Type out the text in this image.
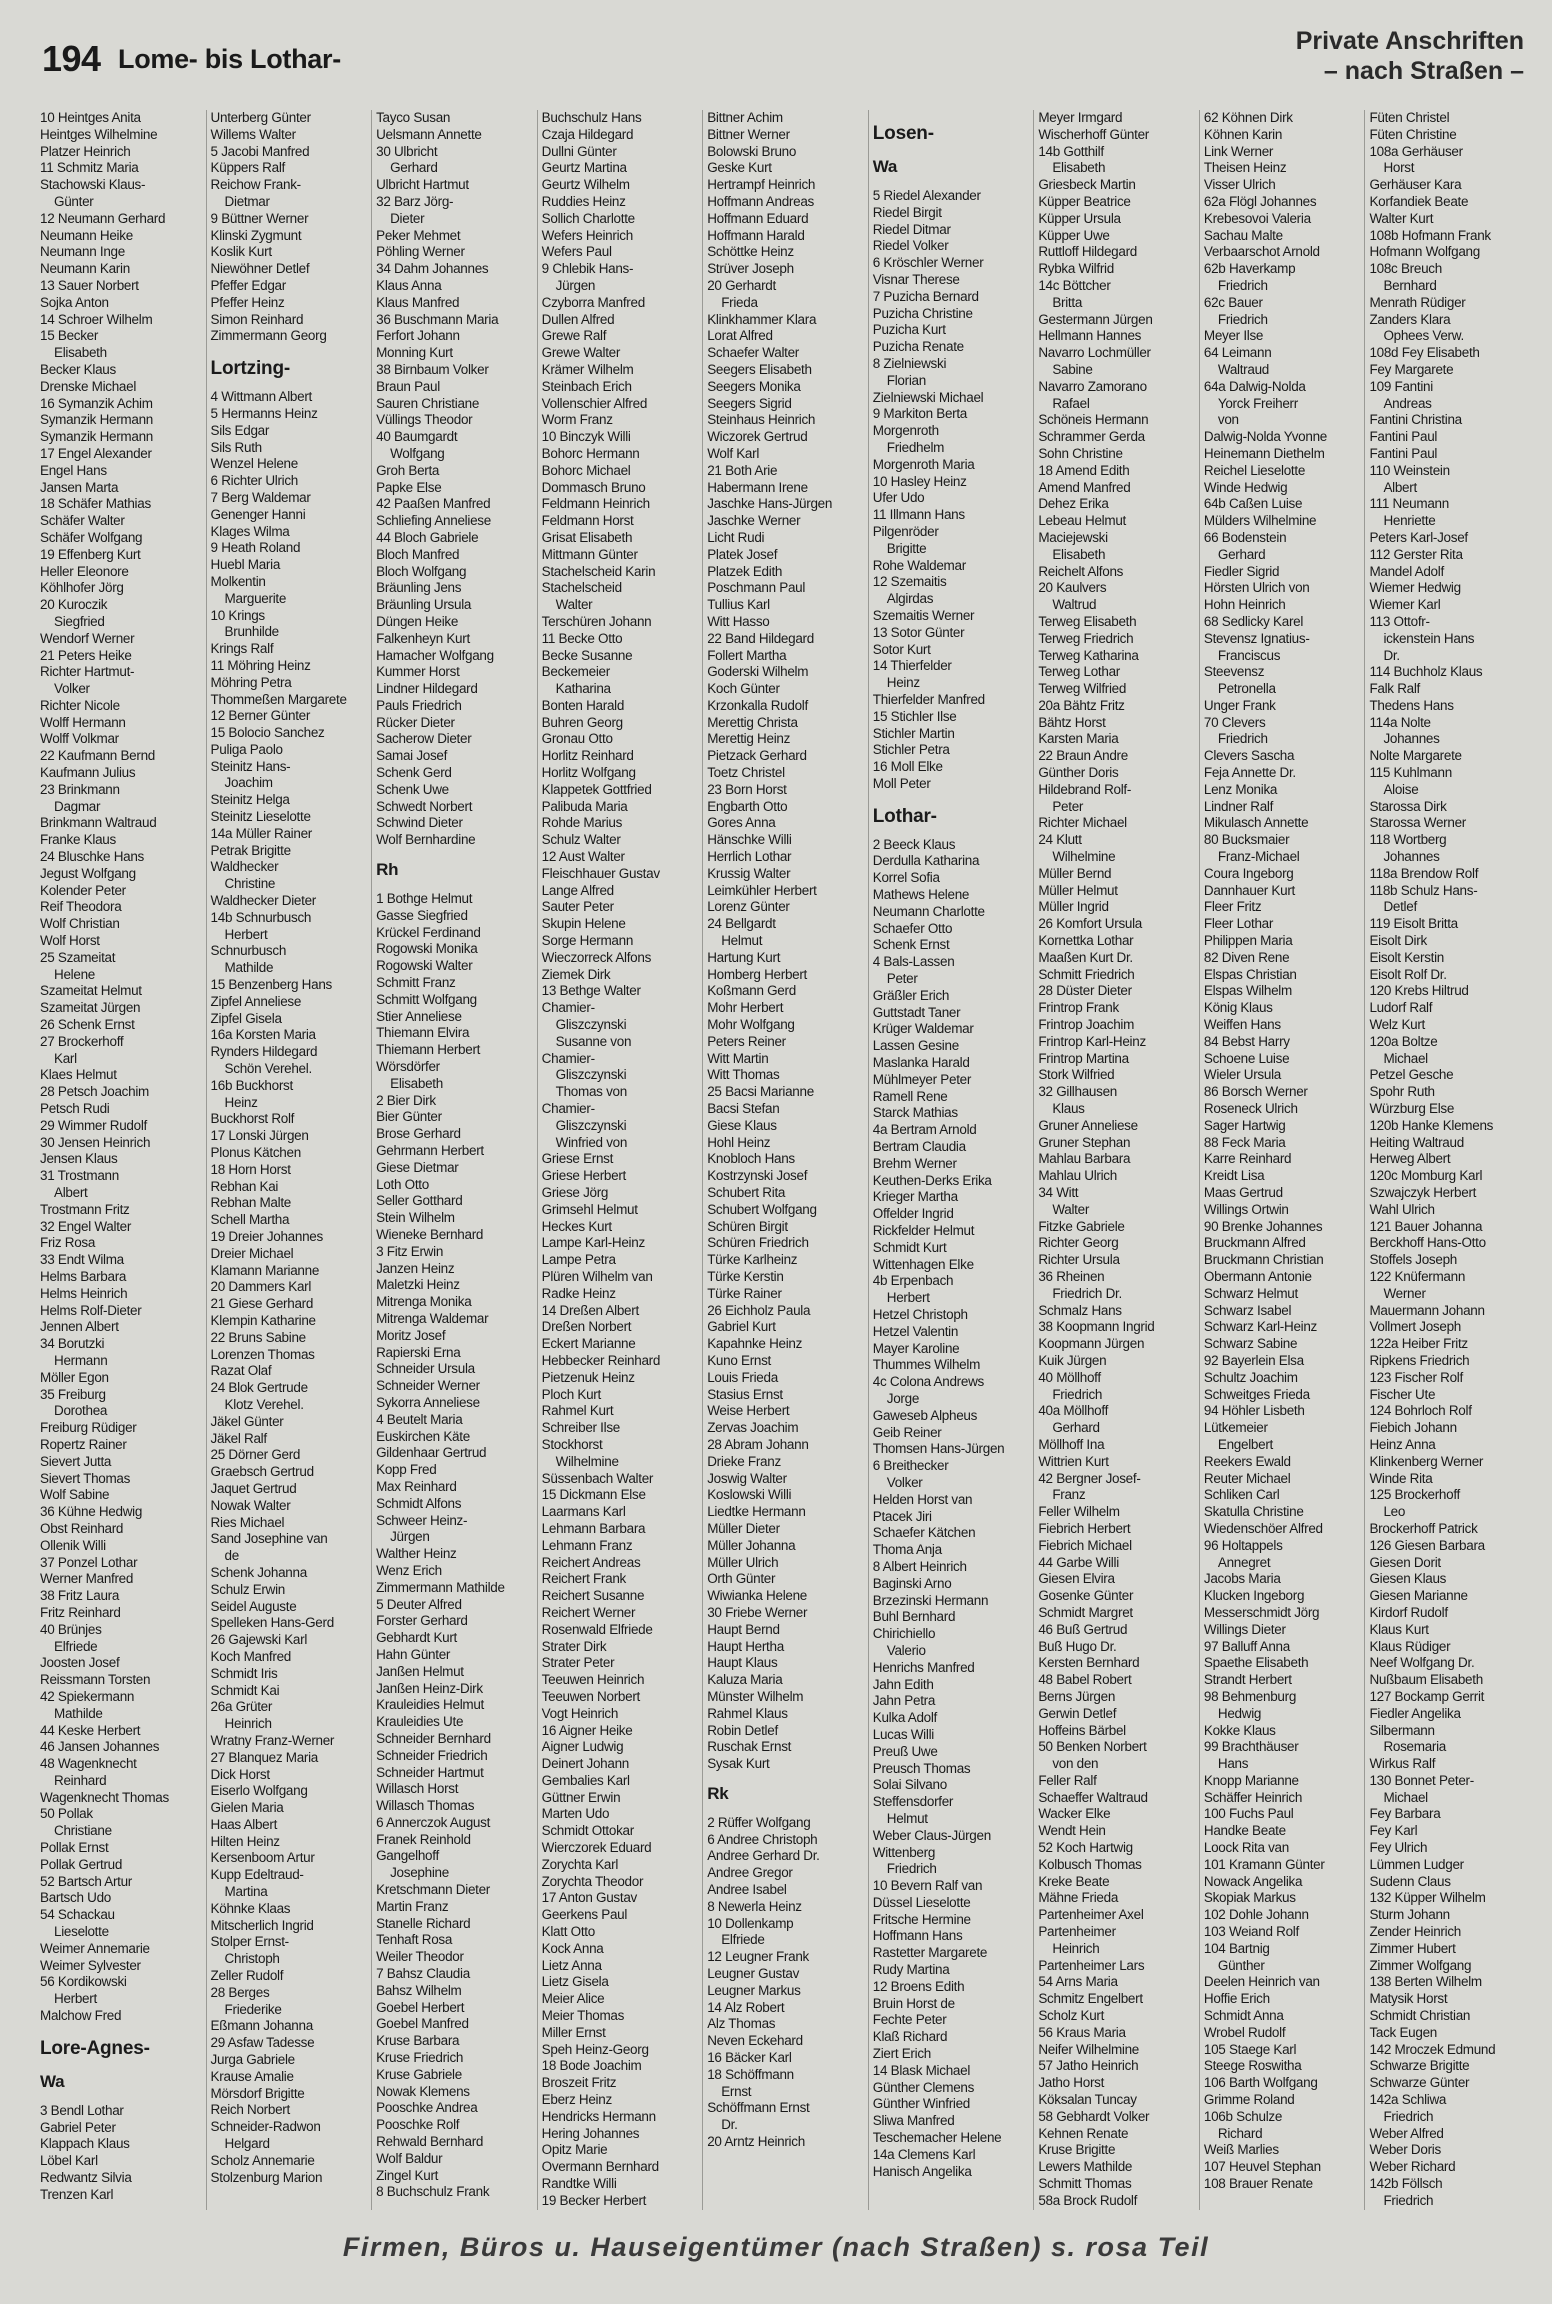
194 Lome- bis Lothar-
Private Anschriften
– nach Straßen –
10 Heintges Anita
Heintges Wilhelmine
Platzer Heinrich
11 Schmitz Maria
Stachowski Klaus-
Günter
12 Neumann Gerhard
Neumann Heike
Neumann Inge
Neumann Karin
13 Sauer Norbert
Sojka Anton
14 Schroer Wilhelm
15 Becker
Elisabeth
Becker Klaus
Drenske Michael
16 Symanzik Achim
Symanzik Hermann
Symanzik Hermann
17 Engel Alexander
Engel Hans
Jansen Marta
18 Schäfer Mathias
Schäfer Walter
Schäfer Wolfgang
19 Effenberg Kurt
Heller Eleonore
Köhlhofer Jörg
20 Kuroczik
Siegfried
Wendorf Werner
21 Peters Heike
Richter Hartmut-
Volker
Richter Nicole
Wolff Hermann
Wolff Volkmar
22 Kaufmann Bernd
Kaufmann Julius
23 Brinkmann
Dagmar
Brinkmann Waltraud
Franke Klaus
24 Bluschke Hans
Jegust Wolfgang
Kolender Peter
Reif Theodora
Wolf Christian
Wolf Horst
25 Szameitat
Helene
Szameitat Helmut
Szameitat Jürgen
26 Schenk Ernst
27 Brockerhoff
Karl
Klaes Helmut
28 Petsch Joachim
Petsch Rudi
29 Wimmer Rudolf
30 Jensen Heinrich
Jensen Klaus
31 Trostmann
Albert
Trostmann Fritz
32 Engel Walter
Friz Rosa
33 Endt Wilma
Helms Barbara
Helms Heinrich
Helms Rolf-Dieter
Jennen Albert
34 Borutzki
Hermann
Möller Egon
35 Freiburg
Dorothea
Freiburg Rüdiger
Ropertz Rainer
Sievert Jutta
Sievert Thomas
Wolf Sabine
36 Kühne Hedwig
Obst Reinhard
Ollenik Willi
37 Ponzel Lothar
Werner Manfred
38 Fritz Laura
Fritz Reinhard
40 Brünjes
Elfriede
Joosten Josef
Reissmann Torsten
42 Spiekermann
Mathilde
44 Keske Herbert
46 Jansen Johannes
48 Wagenknecht
Reinhard
Wagenknecht Thomas
50 Pollak
Christiane
Pollak Ernst
Pollak Gertrud
52 Bartsch Artur
Bartsch Udo
54 Schackau
Lieselotte
Weimer Annemarie
Weimer Sylvester
56 Kordikowski
Herbert
Malchow Fred
Lore-Agnes-
Wa
3 Bendl Lothar
Gabriel Peter
Klappach Klaus
Löbel Karl
Redwantz Silvia
Trenzen Karl
Unterberg Günter
Willems Walter
5 Jacobi Manfred
Küppers Ralf
Reichow Frank-
Dietmar
9 Büttner Werner
Klinski Zygmunt
Koslik Kurt
Niewöhner Detlef
Pfeffer Edgar
Pfeffer Heinz
Simon Reinhard
Zimmermann Georg
Lortzing-
4 Wittmann Albert
5 Hermanns Heinz
Sils Edgar
Sils Ruth
Wenzel Helene
6 Richter Ulrich
7 Berg Waldemar
Genenger Hanni
Klages Wilma
9 Heath Roland
Huebl Maria
Molkentin
Marguerite
10 Krings
Brunhilde
Krings Ralf
11 Möhring Heinz
Möhring Petra
Thommeßen Margarete
12 Berner Günter
15 Bolocio Sanchez
Puliga Paolo
Steinitz Hans-
Joachim
Steinitz Helga
Steinitz Lieselotte
14a Müller Rainer
Petrak Brigitte
Waldhecker
Christine
Waldhecker Dieter
14b Schnurbusch
Herbert
Schnurbusch
Mathilde
15 Benzenberg Hans
Zipfel Anneliese
Zipfel Gisela
16a Korsten Maria
Rynders Hildegard
Schön Verehel.
16b Buckhorst
Heinz
Buckhorst Rolf
17 Lonski Jürgen
Plonus Kätchen
18 Horn Horst
Rebhan Kai
Rebhan Malte
Schell Martha
19 Dreier Johannes
Dreier Michael
Klamann Marianne
20 Dammers Karl
21 Giese Gerhard
Klempin Katharine
22 Bruns Sabine
Lorenzen Thomas
Razat Olaf
24 Blok Gertrude
Klotz Verehel.
Jäkel Günter
Jäkel Ralf
25 Dörner Gerd
Graebsch Gertrud
Jaquet Gertrud
Nowak Walter
Ries Michael
Sand Josephine van
de
Schenk Johanna
Schulz Erwin
Seidel Auguste
Spelleken Hans-Gerd
26 Gajewski Karl
Koch Manfred
Schmidt Iris
Schmidt Kai
26a Grüter
Heinrich
Wratny Franz-Werner
27 Blanquez Maria
Dick Horst
Eiserlo Wolfgang
Gielen Maria
Haas Albert
Hilten Heinz
Kersenboom Artur
Kupp Edeltraud-
Martina
Köhnke Klaas
Mitscherlich Ingrid
Stolper Ernst-
Christoph
Zeller Rudolf
28 Berges
Friederike
Eßmann Johanna
29 Asfaw Tadesse
Jurga Gabriele
Krause Amalie
Mörsdorf Brigitte
Reich Norbert
Schneider-Radwon
Helgard
Scholz Annemarie
Stolzenburg Marion
Tayco Susan
Uelsmann Annette
30 Ulbricht
Gerhard
Ulbricht Hartmut
32 Barz Jörg-
Dieter
Peker Mehmet
Pöhling Werner
34 Dahm Johannes
Klaus Anna
Klaus Manfred
36 Buschmann Maria
Ferfort Johann
Monning Kurt
38 Birnbaum Volker
Braun Paul
Sauren Christiane
Vüllings Theodor
40 Baumgardt
Wolfgang
Groh Berta
Papke Else
42 Paaßen Manfred
Schliefing Anneliese
44 Bloch Gabriele
Bloch Manfred
Bloch Wolfgang
Bräunling Jens
Bräunling Ursula
Düngen Heike
Falkenheyn Kurt
Hamacher Wolfgang
Kummer Horst
Lindner Hildegard
Pauls Friedrich
Rücker Dieter
Sacherow Dieter
Samai Josef
Schenk Gerd
Schenk Uwe
Schwedt Norbert
Schwind Dieter
Wolf Bernhardine
Rh
1 Bothge Helmut
Gasse Siegfried
Krückel Ferdinand
Rogowski Monika
Rogowski Walter
Schmitt Franz
Schmitt Wolfgang
Stier Anneliese
Thiemann Elvira
Thiemann Herbert
Wörsdörfer
Elisabeth
2 Bier Dirk
Bier Günter
Brose Gerhard
Gehrmann Herbert
Giese Dietmar
Loth Otto
Seller Gotthard
Stein Wilhelm
Wieneke Bernhard
3 Fitz Erwin
Janzen Heinz
Maletzki Heinz
Mitrenga Monika
Mitrenga Waldemar
Moritz Josef
Rapierski Erna
Schneider Ursula
Schneider Werner
Sykorra Anneliese
4 Beutelt Maria
Euskirchen Käte
Gildenhaar Gertrud
Kopp Fred
Max Reinhard
Schmidt Alfons
Schweer Heinz-
Jürgen
Walther Heinz
Wenz Erich
Zimmermann Mathilde
5 Deuter Alfred
Forster Gerhard
Gebhardt Kurt
Hahn Günter
Janßen Helmut
Janßen Heinz-Dirk
Krauleidies Helmut
Krauleidies Ute
Schneider Bernhard
Schneider Friedrich
Schneider Hartmut
Willasch Horst
Willasch Thomas
6 Annerczok August
Franek Reinhold
Gangelhoff
Josephine
Kretschmann Dieter
Martin Franz
Stanelle Richard
Tenhaft Rosa
Weiler Theodor
7 Bahsz Claudia
Bahsz Wilhelm
Goebel Herbert
Goebel Manfred
Kruse Barbara
Kruse Friedrich
Kruse Gabriele
Nowak Klemens
Pooschke Andrea
Pooschke Rolf
Rehwald Bernhard
Wolf Baldur
Zingel Kurt
8 Buchschulz Frank
Buchschulz Hans
Czaja Hildegard
Dullni Günter
Geurtz Martina
Geurtz Wilhelm
Ruddies Heinz
Sollich Charlotte
Wefers Heinrich
Wefers Paul
9 Chlebik Hans-
Jürgen
Czyborra Manfred
Dullen Alfred
Grewe Ralf
Grewe Walter
Krämer Wilhelm
Steinbach Erich
Vollenschier Alfred
Worm Franz
10 Binczyk Willi
Bohorc Hermann
Bohorc Michael
Dommasch Bruno
Feldmann Heinrich
Feldmann Horst
Grisat Elisabeth
Mittmann Günter
Stachelscheid Karin
Stachelscheid
Walter
Terschüren Johann
11 Becke Otto
Becke Susanne
Beckemeier
Katharina
Bonten Harald
Buhren Georg
Gronau Otto
Horlitz Reinhard
Horlitz Wolfgang
Klappetek Gottfried
Palibuda Maria
Rohde Marius
Schulz Walter
12 Aust Walter
Fleischhauer Gustav
Lange Alfred
Sauter Peter
Skupin Helene
Sorge Hermann
Wieczorreck Alfons
Ziemek Dirk
13 Bethge Walter
Chamier-
Gliszczynski
Susanne von
Chamier-
Gliszczynski
Thomas von
Chamier-
Gliszczynski
Winfried von
Griese Ernst
Griese Herbert
Griese Jörg
Grimsehl Helmut
Heckes Kurt
Lampe Karl-Heinz
Lampe Petra
Plüren Wilhelm van
Radke Heinz
14 Dreßen Albert
Dreßen Norbert
Eckert Marianne
Hebbecker Reinhard
Pietzenuk Heinz
Ploch Kurt
Rahmel Kurt
Schreiber Ilse
Stockhorst
Wilhelmine
Süssenbach Walter
15 Dickmann Else
Laarmans Karl
Lehmann Barbara
Lehmann Franz
Reichert Andreas
Reichert Frank
Reichert Susanne
Reichert Werner
Rosenwald Elfriede
Strater Dirk
Strater Peter
Teeuwen Heinrich
Teeuwen Norbert
Vogt Heinrich
16 Aigner Heike
Aigner Ludwig
Deinert Johann
Gembalies Karl
Güttner Erwin
Marten Udo
Schmidt Ottokar
Wierczorek Eduard
Zorychta Karl
Zorychta Theodor
17 Anton Gustav
Geerkens Paul
Klatt Otto
Kock Anna
Lietz Anna
Lietz Gisela
Meier Alice
Meier Thomas
Miller Ernst
Speh Heinz-Georg
18 Bode Joachim
Broszeit Fritz
Eberz Heinz
Hendricks Hermann
Hering Johannes
Opitz Marie
Overmann Bernhard
Randtke Willi
19 Becker Herbert
Bittner Achim
Bittner Werner
Bolowski Bruno
Geske Kurt
Hertrampf Heinrich
Hoffmann Andreas
Hoffmann Eduard
Hoffmann Harald
Schöttke Heinz
Strüver Joseph
20 Gerhardt
Frieda
Klinkhammer Klara
Lorat Alfred
Schaefer Walter
Seegers Elisabeth
Seegers Monika
Seegers Sigrid
Steinhaus Heinrich
Wiczorek Gertrud
Wolf Karl
21 Both Arie
Habermann Irene
Jaschke Hans-Jürgen
Jaschke Werner
Licht Rudi
Platek Josef
Platzek Edith
Poschmann Paul
Tullius Karl
Witt Hasso
22 Band Hildegard
Follert Martha
Goderski Wilhelm
Koch Günter
Krzonkalla Rudolf
Merettig Christa
Merettig Heinz
Pietzack Gerhard
Toetz Christel
23 Born Horst
Engbarth Otto
Gores Anna
Hänschke Willi
Herrlich Lothar
Krussig Walter
Leimkühler Herbert
Lorenz Günter
24 Bellgardt
Helmut
Hartung Kurt
Homberg Herbert
Koßmann Gerd
Mohr Herbert
Mohr Wolfgang
Peters Reiner
Witt Martin
Witt Thomas
25 Bacsi Marianne
Bacsi Stefan
Giese Klaus
Hohl Heinz
Knobloch Hans
Kostrzynski Josef
Schubert Rita
Schubert Wolfgang
Schüren Birgit
Schüren Friedrich
Türke Karlheinz
Türke Kerstin
Türke Rainer
26 Eichholz Paula
Gabriel Kurt
Kapahnke Heinz
Kuno Ernst
Louis Frieda
Stasius Ernst
Weise Herbert
Zervas Joachim
28 Abram Johann
Drieke Franz
Joswig Walter
Koslowski Willi
Liedtke Hermann
Müller Dieter
Müller Johanna
Müller Ulrich
Orth Günter
Wiwianka Helene
30 Friebe Werner
Haupt Bernd
Haupt Hertha
Haupt Klaus
Kaluza Maria
Münster Wilhelm
Rahmel Klaus
Robin Detlef
Ruschak Ernst
Sysak Kurt
Rk
2 Rüffer Wolfgang
6 Andree Christoph
Andree Gerhard Dr.
Andree Gregor
Andree Isabel
8 Newerla Heinz
10 Dollenkamp
Elfriede
12 Leugner Frank
Leugner Gustav
Leugner Markus
14 Alz Robert
Alz Thomas
Neven Eckehard
16 Bäcker Karl
18 Schöffmann
Ernst
Schöffmann Ernst
Dr.
20 Arntz Heinrich
Losen-
Wa
5 Riedel Alexander
Riedel Birgit
Riedel Ditmar
Riedel Volker
6 Kröschler Werner
Visnar Therese
7 Puzicha Bernard
Puzicha Christine
Puzicha Kurt
Puzicha Renate
8 Zielniewski
Florian
Zielniewski Michael
9 Markiton Berta
Morgenroth
Friedhelm
Morgenroth Maria
10 Hasley Heinz
Ufer Udo
11 Illmann Hans
Pilgenröder
Brigitte
Rohe Waldemar
12 Szemaitis
Algirdas
Szemaitis Werner
13 Sotor Günter
Sotor Kurt
14 Thierfelder
Heinz
Thierfelder Manfred
15 Stichler Ilse
Stichler Martin
Stichler Petra
16 Moll Elke
Moll Peter
Lothar-
2 Beeck Klaus
Derdulla Katharina
Korrel Sofia
Mathews Helene
Neumann Charlotte
Schaefer Otto
Schenk Ernst
4 Bals-Lassen
Peter
Gräßler Erich
Guttstadt Taner
Krüger Waldemar
Lassen Gesine
Maslanka Harald
Mühlmeyer Peter
Ramell Rene
Starck Mathias
4a Bertram Arnold
Bertram Claudia
Brehm Werner
Keuthen-Derks Erika
Krieger Martha
Offelder Ingrid
Rickfelder Helmut
Schmidt Kurt
Wittenhagen Elke
4b Erpenbach
Herbert
Hetzel Christoph
Hetzel Valentin
Mayer Karoline
Thummes Wilhelm
4c Colona Andrews
Jorge
Gaweseb Alpheus
Geib Reiner
Thomsen Hans-Jürgen
6 Breithecker
Volker
Helden Horst van
Ptacek Jiri
Schaefer Kätchen
Thoma Anja
8 Albert Heinrich
Baginski Arno
Brzezinski Hermann
Buhl Bernhard
Chirichiello
Valerio
Henrichs Manfred
Jahn Edith
Jahn Petra
Kulka Adolf
Lucas Willi
Preuß Uwe
Preusch Thomas
Solai Silvano
Steffensdorfer
Helmut
Weber Claus-Jürgen
Wittenberg
Friedrich
10 Bevern Ralf van
Düssel Lieselotte
Fritsche Hermine
Hoffmann Hans
Rastetter Margarete
Rudy Martina
12 Broens Edith
Bruin Horst de
Fechte Peter
Klaß Richard
Ziert Erich
14 Blask Michael
Günther Clemens
Günther Winfried
Sliwa Manfred
Teschemacher Helene
14a Clemens Karl
Hanisch Angelika
Meyer Irmgard
Wischerhoff Günter
14b Gotthilf
Elisabeth
Griesbeck Martin
Küpper Beatrice
Küpper Ursula
Küpper Uwe
Ruttloff Hildegard
Rybka Wilfrid
14c Böttcher
Britta
Gestermann Jürgen
Hellmann Hannes
Navarro Lochmüller
Sabine
Navarro Zamorano
Rafael
Schöneis Hermann
Schrammer Gerda
Sohn Christine
18 Amend Edith
Amend Manfred
Dehez Erika
Lebeau Helmut
Maciejewski
Elisabeth
Reichelt Alfons
20 Kaulvers
Waltrud
Terweg Elisabeth
Terweg Friedrich
Terweg Katharina
Terweg Lothar
Terweg Wilfried
20a Bähtz Fritz
Bähtz Horst
Karsten Maria
22 Braun Andre
Günther Doris
Hildebrand Rolf-
Peter
Richter Michael
24 Klutt
Wilhelmine
Müller Bernd
Müller Helmut
Müller Ingrid
26 Komfort Ursula
Kornettka Lothar
Maaßen Kurt Dr.
Schmitt Friedrich
28 Düster Dieter
Frintrop Frank
Frintrop Joachim
Frintrop Karl-Heinz
Frintrop Martina
Stork Wilfried
32 Gillhausen
Klaus
Gruner Anneliese
Gruner Stephan
Mahlau Barbara
Mahlau Ulrich
34 Witt
Walter
Fitzke Gabriele
Richter Georg
Richter Ursula
36 Rheinen
Friedrich Dr.
Schmalz Hans
38 Koopmann Ingrid
Koopmann Jürgen
Kuik Jürgen
40 Möllhoff
Friedrich
40a Möllhoff
Gerhard
Möllhoff Ina
Wittrien Kurt
42 Bergner Josef-
Franz
Feller Wilhelm
Fiebrich Herbert
Fiebrich Michael
44 Garbe Willi
Giesen Elvira
Gosenke Günter
Schmidt Margret
46 Buß Gertrud
Buß Hugo Dr.
Kersten Bernhard
48 Babel Robert
Berns Jürgen
Gerwin Detlef
Hoffeins Bärbel
50 Benken Norbert
von den
Feller Ralf
Schaeffer Waltraud
Wacker Elke
Wendt Hein
52 Koch Hartwig
Kolbusch Thomas
Kreke Beate
Mähne Frieda
Partenheimer Axel
Partenheimer
Heinrich
Partenheimer Lars
54 Arns Maria
Schmitz Engelbert
Scholz Kurt
56 Kraus Maria
Neifer Wilhelmine
57 Jatho Heinrich
Jatho Horst
Köksalan Tuncay
58 Gebhardt Volker
Kehnen Renate
Kruse Brigitte
Lewers Mathilde
Schmitt Thomas
58a Brock Rudolf
62 Köhnen Dirk
Köhnen Karin
Link Werner
Theisen Heinz
Visser Ulrich
62a Flögl Johannes
Krebesovoi Valeria
Sachau Malte
Verbaarschot Arnold
62b Haverkamp
Friedrich
62c Bauer
Friedrich
Meyer Ilse
64 Leimann
Waltraud
64a Dalwig-Nolda
Yorck Freiherr
von
Dalwig-Nolda Yvonne
Heinemann Diethelm
Reichel Lieselotte
Winde Hedwig
64b Caßen Luise
Mülders Wilhelmine
66 Bodenstein
Gerhard
Fiedler Sigrid
Hörsten Ulrich von
Hohn Heinrich
68 Sedlicky Karel
Stevensz Ignatius-
Franciscus
Steevensz
Petronella
Unger Frank
70 Clevers
Friedrich
Clevers Sascha
Feja Annette Dr.
Lenz Monika
Lindner Ralf
Mikulasch Annette
80 Bucksmaier
Franz-Michael
Coura Ingeborg
Dannhauer Kurt
Fleer Fritz
Fleer Lothar
Philippen Maria
82 Diven Rene
Elspas Christian
Elspas Wilhelm
König Klaus
Weiffen Hans
84 Bebst Harry
Schoene Luise
Wieler Ursula
86 Borsch Werner
Roseneck Ulrich
Sager Hartwig
88 Feck Maria
Karre Reinhard
Kreidt Lisa
Maas Gertrud
Willings Ortwin
90 Brenke Johannes
Bruckmann Alfred
Bruckmann Christian
Obermann Antonie
Schwarz Helmut
Schwarz Isabel
Schwarz Karl-Heinz
Schwarz Sabine
92 Bayerlein Elsa
Schultz Joachim
Schweitges Frieda
94 Höhler Lisbeth
Lütkemeier
Engelbert
Reekers Ewald
Reuter Michael
Schliken Carl
Skatulla Christine
Wiedenschöer Alfred
96 Holtappels
Annegret
Jacobs Maria
Klucken Ingeborg
Messerschmidt Jörg
Willings Dieter
97 Balluff Anna
Spaethe Elisabeth
Strandt Herbert
98 Behmenburg
Hedwig
Kokke Klaus
99 Brachthäuser
Hans
Knopp Marianne
Schäffer Heinrich
100 Fuchs Paul
Handke Beate
Loock Rita van
101 Kramann Günter
Nowack Angelika
Skopiak Markus
102 Dohle Johann
103 Weiand Rolf
104 Bartnig
Günther
Deelen Heinrich van
Hoffie Erich
Schmidt Anna
Wrobel Rudolf
105 Staege Karl
Steege Roswitha
106 Barth Wolfgang
Grimme Roland
106b Schulze
Richard
Weiß Marlies
107 Heuvel Stephan
108 Brauer Renate
Füten Christel
Füten Christine
108a Gerhäuser
Horst
Gerhäuser Kara
Korfandiek Beate
Walter Kurt
108b Hofmann Frank
Hofmann Wolfgang
108c Breuch
Bernhard
Menrath Rüdiger
Zanders Klara
Ophees Verw.
108d Fey Elisabeth
Fey Margarete
109 Fantini
Andreas
Fantini Christina
Fantini Paul
Fantini Paul
110 Weinstein
Albert
111 Neumann
Henriette
Peters Karl-Josef
112 Gerster Rita
Mandel Adolf
Wiemer Hedwig
Wiemer Karl
113 Ottofr-
ickenstein Hans
Dr.
114 Buchholz Klaus
Falk Ralf
Thedens Hans
114a Nolte
Johannes
Nolte Margarete
115 Kuhlmann
Aloise
Starossa Dirk
Starossa Werner
118 Wortberg
Johannes
118a Brendow Rolf
118b Schulz Hans-
Detlef
119 Eisolt Britta
Eisolt Dirk
Eisolt Kerstin
Eisolt Rolf Dr.
120 Krebs Hiltrud
Ludorf Ralf
Welz Kurt
120a Boltze
Michael
Petzel Gesche
Spohr Ruth
Würzburg Else
120b Hanke Klemens
Heiting Waltraud
Herweg Albert
120c Momburg Karl
Szwajczyk Herbert
Wahl Ulrich
121 Bauer Johanna
Berckhoff Hans-Otto
Stoffels Joseph
122 Knüfermann
Werner
Mauermann Johann
Vollmert Joseph
122a Heiber Fritz
Ripkens Friedrich
123 Fischer Rolf
Fischer Ute
124 Bohrloch Rolf
Fiebich Johann
Heinz Anna
Klinkenberg Werner
Winde Rita
125 Brockerhoff
Leo
Brockerhoff Patrick
126 Giesen Barbara
Giesen Dorit
Giesen Klaus
Giesen Marianne
Kirdorf Rudolf
Klaus Kurt
Klaus Rüdiger
Neef Wolfgang Dr.
Nußbaum Elisabeth
127 Bockamp Gerrit
Fiedler Angelika
Silbermann
Rosemaria
Wirkus Ralf
130 Bonnet Peter-
Michael
Fey Barbara
Fey Karl
Fey Ulrich
Lümmen Ludger
Sudenn Claus
132 Küpper Wilhelm
Sturm Johann
Zender Heinrich
Zimmer Hubert
Zimmer Wolfgang
138 Berten Wilhelm
Matysik Horst
Schmidt Christian
Tack Eugen
142 Mroczek Edmund
Schwarze Brigitte
Schwarze Günter
142a Schliwa
Friedrich
Weber Alfred
Weber Doris
Weber Richard
142b Föllsch
Friedrich
Firmen, Büros u. Hauseigentümer (nach Straßen) s. rosa Teil
